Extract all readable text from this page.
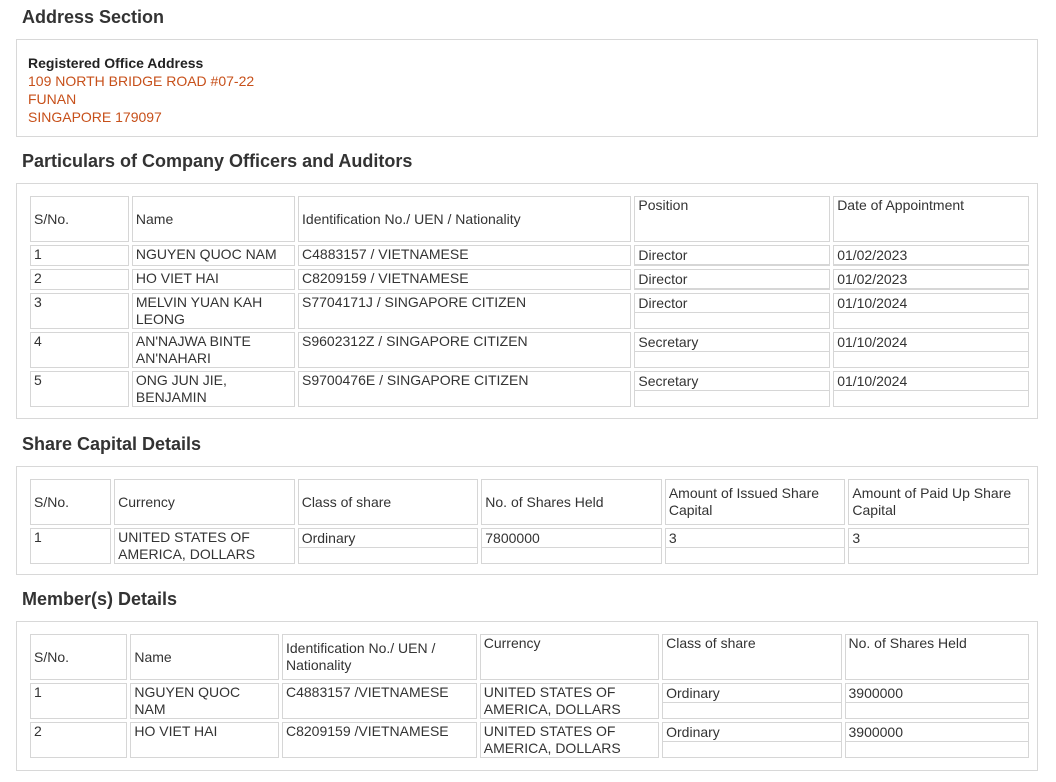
Address Section
Registered Office Address
109 NORTH BRIDGE ROAD #07-22
FUNAN
SINGAPORE 179097
Particulars of Company Officers and Auditors
S/No.	Name	Identification No./ UEN / Nationality	Position	Date of Appointment
1	NGUYEN QUOC NAM	C4883157 / VIETNAMESE	Director	01/02/2023

2	HO VIET HAI	C8209159 / VIETNAMESE	Director	01/02/2023

3	MELVIN YUAN KAH LEONG	S7704171J / SINGAPORE CITIZEN	Director	01/10/2024

4	AN'NAJWA BINTE AN'NAHARI	S9602312Z / SINGAPORE CITIZEN	Secretary	01/10/2024

5	ONG JUN JIE, BENJAMIN	S9700476E / SINGAPORE CITIZEN	Secretary	01/10/2024
Share Capital Details
S/No.	Currency	Class of share	No. of Shares Held	Amount of Issued Share Capital	Amount of Paid Up Share Capital
1	UNITED STATES OF AMERICA, DOLLARS	Ordinary	7800000	3	3
Member(s) Details
S/No.	Name	Identification No./ UEN / Nationality	Currency	Class of share	No. of Shares Held
1	NGUYEN QUOC NAM	C4883157 /VIETNAMESE	UNITED STATES OF AMERICA, DOLLARS	Ordinary	3900000

2	HO VIET HAI	C8209159 /VIETNAMESE	UNITED STATES OF AMERICA, DOLLARS	Ordinary	3900000
